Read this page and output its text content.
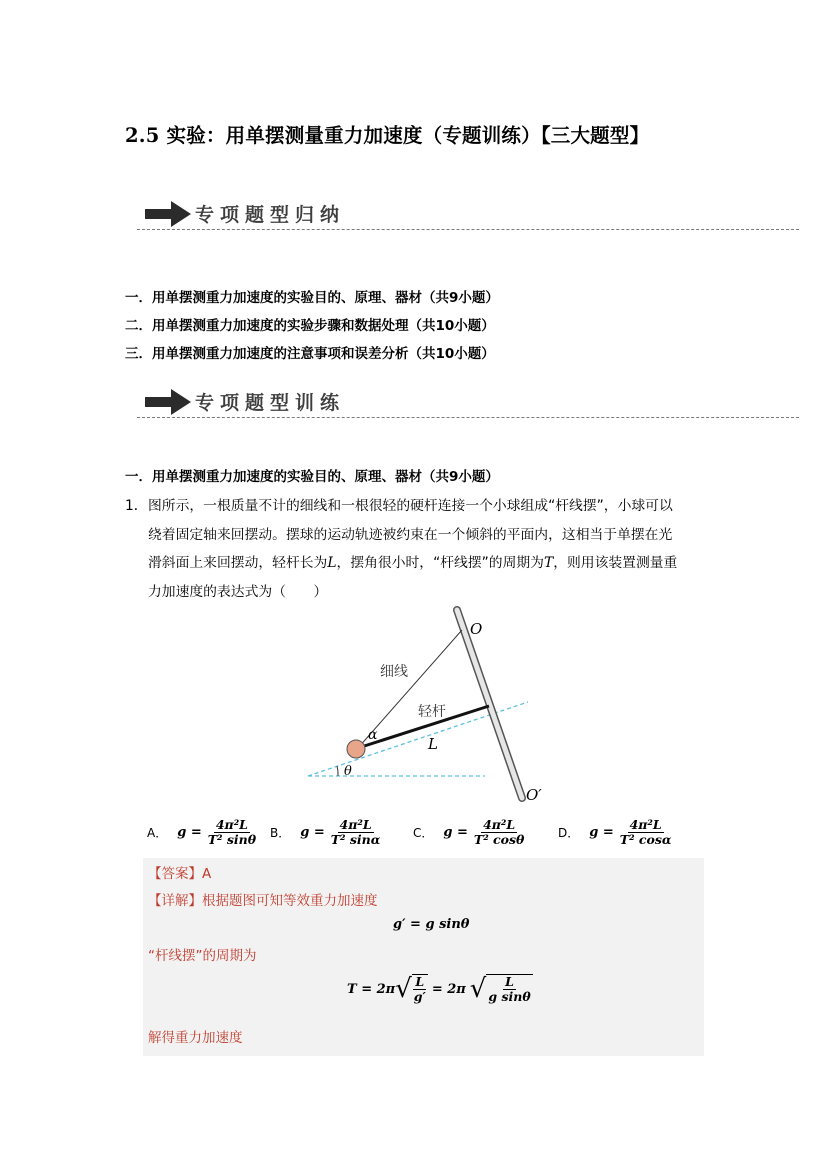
2.5 实验：用单摆测量重力加速度（专题训练）【三大题型】
专项题型归纳
一．用单摆测重力加速度的实验目的、原理、器材（共9小题）
二．用单摆测重力加速度的实验步骤和数据处理（共10小题）
三．用单摆测重力加速度的注意事项和误差分析（共10小题）
专项题型训练
一．用单摆测重力加速度的实验目的、原理、器材（共9小题）
1． 图所示，一根质量不计的细线和一根很轻的硬杆连接一个小球组成“杆线摆”，小球可以
绕着固定轴来回摆动。摆球的运动轨迹被约束在一个倾斜的平面内，这相当于单摆在光
滑斜面上来回摆动，轻杆长为L，摆角很小时，“杆线摆”的周期为T，则用该装置测量重
力加速度的表达式为（　　）
O
O′
细线
轻杆
L
α
θ
A． $g = \frac{\text{4π²L}}{\text{T² sinθ}}$ B． $g = \frac{\text{4π²L}}{\text{T² sinα}}$	C． $g = \frac{\text{4π²L}}{\text{T² cosθ}}$	D． $g = \frac{\text{4π²L}}{\text{T² cosα}}$
【答案】A
【详解】根据题图可知等效重力加速度
g′ = g sinθ
“杆线摆”的周期为
T = 2π √ $\frac{L}{g'} = 2\pi$ √ $\frac{L}{\text{g sinθ}}$
解得重力加速度
